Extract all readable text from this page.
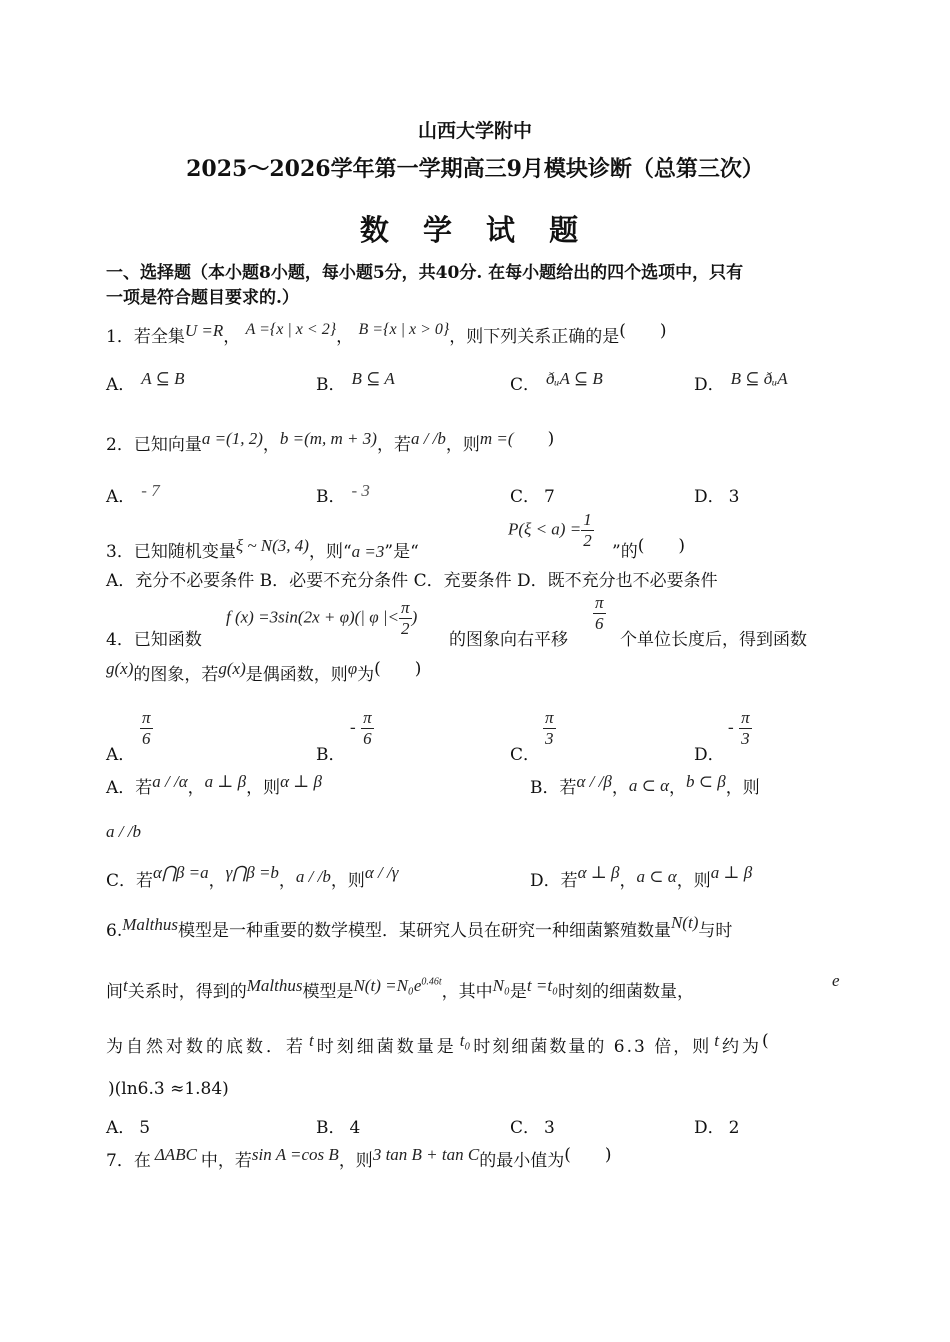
山西大学附中
2025～2026学年第一学期高三9月模块诊断（总第三次）
数 学 试 题
一、选择题（本小题8小题，每小题5分，共40分. 在每小题给出的四个选项中，只有
一项是符合题目要求的.）
1．若全集U =R， A ={x | x < 2}， B ={x | x > 0}，则下列关系正确的是(　　)
A． A ⊆ B	B． B ⊆ A	C． ðᵤA ⊆ B	D． B ⊆ ðᵤA
2．已知向量a =(1, 2)，b =(m, m + 3)，若a / /b，则m =(　　)
A． - 7	B． - 3	C． 7	D． 3
3．已知随机变量ξ ~ N(3, 4)，则“a =3”是“
$P(\xi < a) = \frac{1}{2}$
”的(　　)
A．充分不必要条件 B．必要不充分条件 C．充要条件 D．既不充分也不必要条件
4．已知函数
f (x) =3sin(2x + φ)(| φ |< $\frac{\pi}{2}$ )
的图象向右平移
$\frac{\pi}{6}$
个单位长度后，得到函数
g(x)的图象，若g(x)是偶函数，则φ为(　　)
A．
$\frac{\pi}{6}$
B．
- $\frac{\pi}{6}$
C．
$\frac{\pi}{3}$
D．
- $\frac{\pi}{3}$
A．若a / /α，a ⊥ β，则α ⊥ β	B．若α / /β，a ⊂ α，b ⊂ β，则
a / /b
C．若α⋂β =a，γ⋂β =b，a / /b，则α / /γ	D．若α ⊥ β，a ⊂ α，则a ⊥ β
6.Malthus模型是一种重要的数学模型．某研究人员在研究一种细菌繁殖数量N(t)与时
间t关系时，得到的Malthus模型是$N(t) =N_0e^{0.46t}$，其中N₀是t =t₀时刻的细菌数量，
e
为自然对数的底数．若 t 时刻细菌数量是 t₀ 时刻细菌数量的 6.3 倍，则 t 约为(
)(ln6.3 ≈1.84)
A． 5	B． 4	C． 3	D． 2
7．在 ΔABC 中，若sin A =cos B，则3 tan B + tan C的最小值为(　　)
